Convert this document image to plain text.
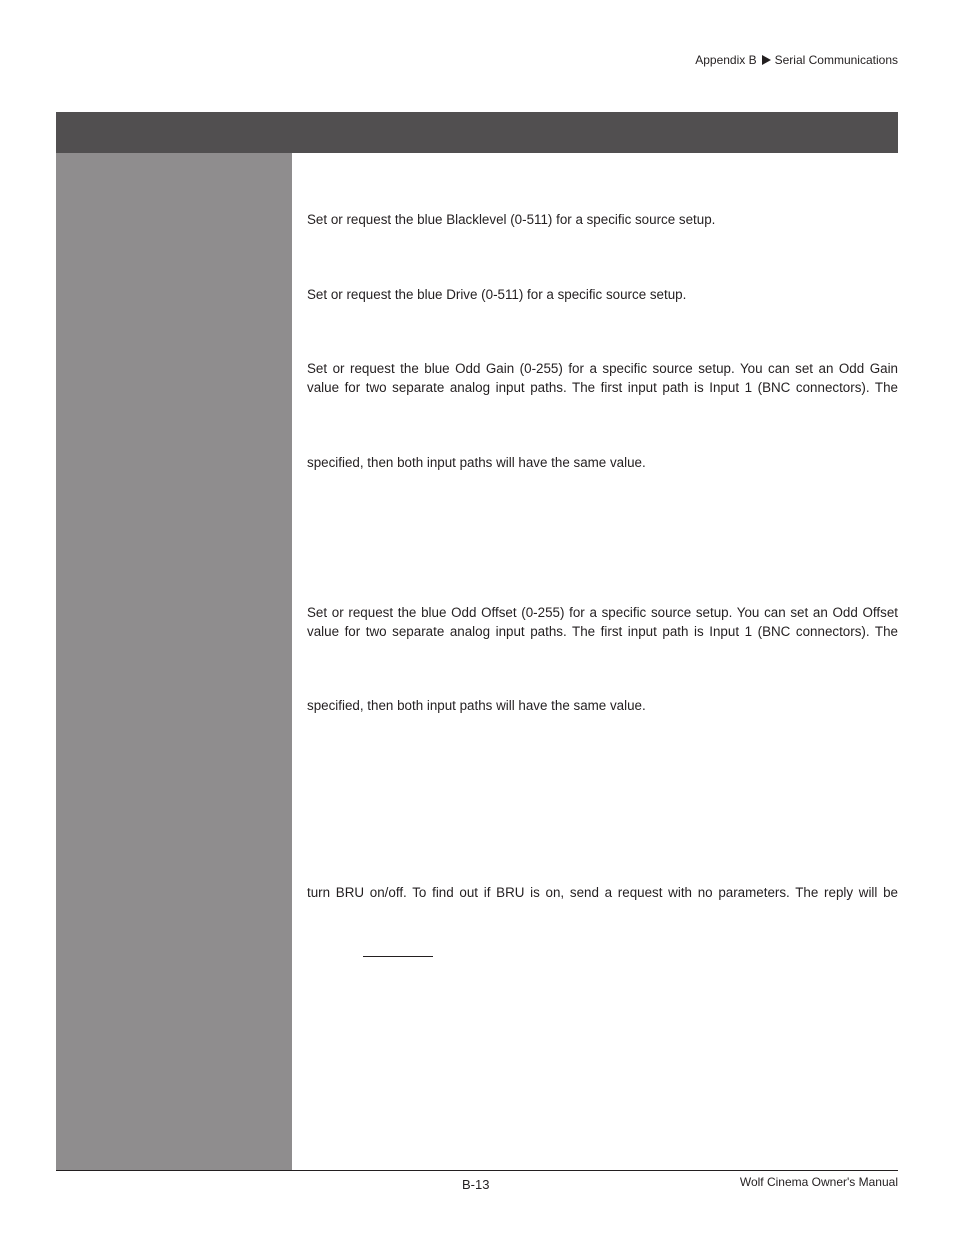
Appendix B Serial Communications

Set or request the blue Blacklevel (0-511) for a specific source setup.

Set or request the blue Drive (0-511) for a specific source setup.

Set or request the blue Odd Gain (0-255) for a specific source setup. You can set an Odd Gain
value for two separate analog input paths. The first input path is Input 1 (BNC connectors). The

specified, then both input paths will have the same value.

Set or request the blue Odd Offset (0-255) for a specific source setup. You can set an Odd Offset
value for two separate analog input paths. The first input path is Input 1 (BNC connectors). The

specified, then both input paths will have the same value.

turn BRU on/off. To find out if BRU is on, send a request with no parameters. The reply will be
B-13	Wolf Cinema Owner's Manual
